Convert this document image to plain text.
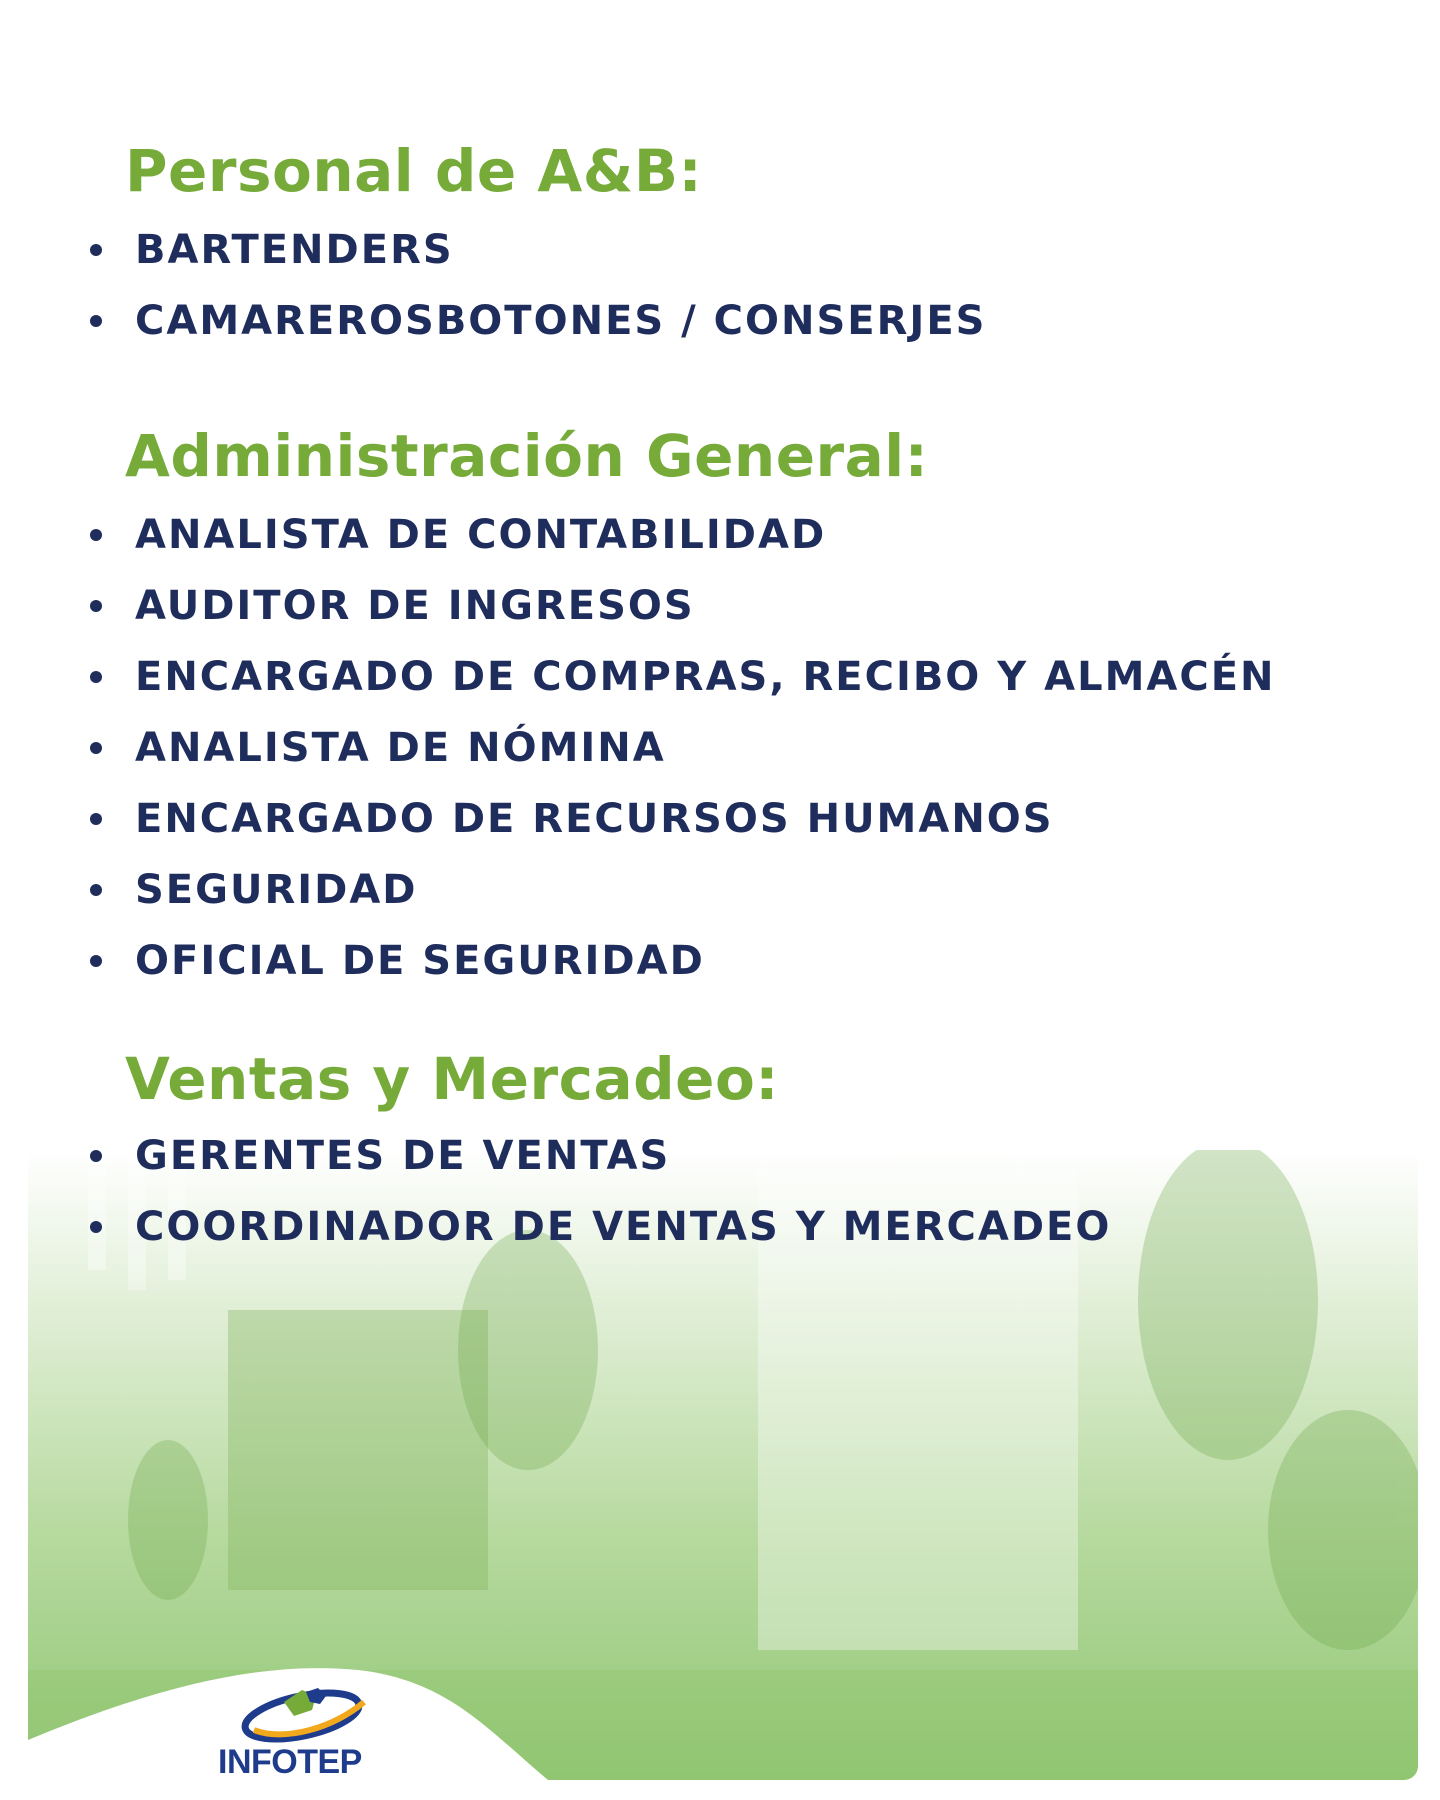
Personal de A&B:
BARTENDERS
CAMAREROSBOTONES / CONSERJES
Administración General:
ANALISTA DE CONTABILIDAD
AUDITOR DE INGRESOS
ENCARGADO DE COMPRAS, RECIBO Y ALMACÉN
ANALISTA DE NÓMINA
ENCARGADO DE RECURSOS HUMANOS
SEGURIDAD
OFICIAL DE SEGURIDAD
Ventas y Mercadeo:
GERENTES DE VENTAS
COORDINADOR DE VENTAS Y MERCADEO
INFOTEP
